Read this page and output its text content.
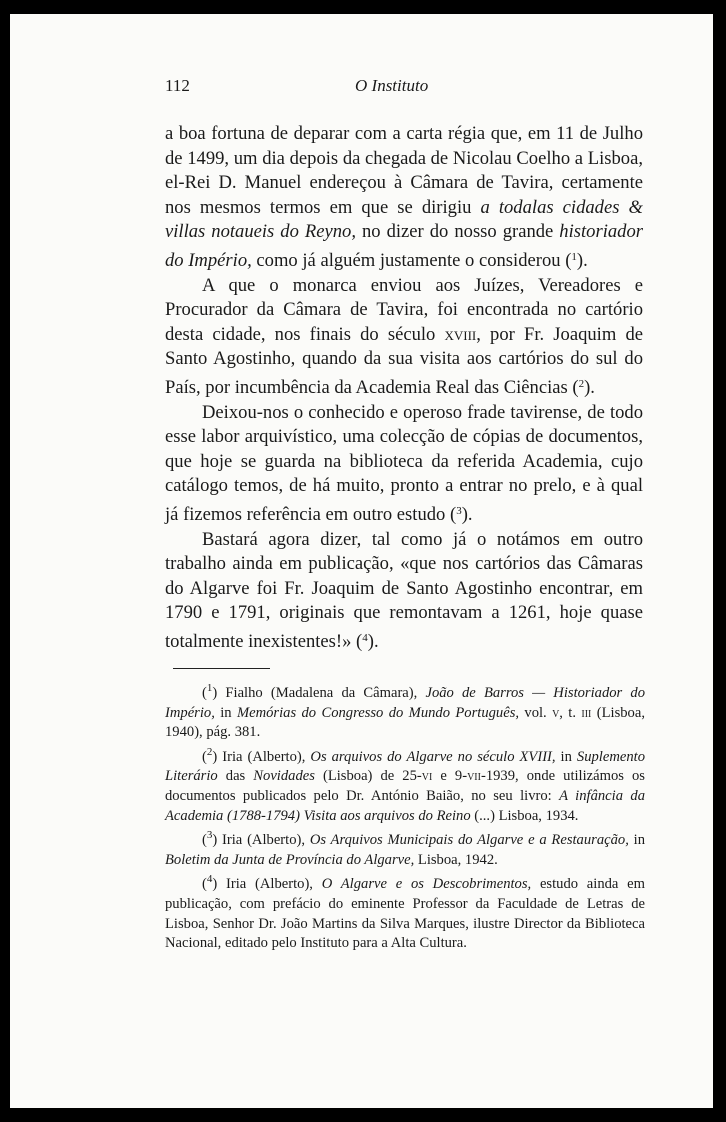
112	O Instituto

a boa fortuna de deparar com a carta régia que, em 11 de Julho de 1499, um dia depois da chegada de Nicolau Coelho a Lisboa, el-Rei D. Manuel endereçou à Câmara de Tavira, certamente nos mesmos termos em que se dirigiu a todalas cidades & villas notaueis do Reyno, no dizer do nosso grande historiador do Império, como já alguém justamente o considerou ($^1$).

A que o monarca enviou aos Juízes, Vereadores e Procurador da Câmara de Tavira, foi encontrada no cartório desta cidade, nos finais do século xviii, por Fr. Joaquim de Santo Agostinho, quando da sua visita aos cartórios do sul do País, por incumbência da Academia Real das Ciências ($^2$).

Deixou-nos o conhecido e operoso frade tavirense, de todo esse labor arquivístico, uma colecção de cópias de documentos, que hoje se guarda na biblioteca da referida Academia, cujo catálogo temos, de há muito, pronto a entrar no prelo, e à qual já fizemos referência em outro estudo ($^3$).

Bastará agora dizer, tal como já o notámos em outro trabalho ainda em publicação, «que nos cartórios das Câmaras do Algarve foi Fr. Joaquim de Santo Agostinho encontrar, em 1790 e 1791, originais que remontavam a 1261, hoje quase totalmente inexistentes!» ($^4$).

($^1$) Fialho (Madalena da Câmara), João de Barros — Historiador do Império, in Memórias do Congresso do Mundo Português, vol. v, t. iii (Lisboa, 1940), pág. 381.

($^2$) Iria (Alberto), Os arquivos do Algarve no século XVIII, in Suplemento Literário das Novidades (Lisboa) de 25-vi e 9-vii-1939, onde utilizámos os documentos publicados pelo Dr. António Baião, no seu livro: A infância da Academia (1788-1794) Visita aos arquivos do Reino (...) Lisboa, 1934.

($^3$) Iria (Alberto), Os Arquivos Municipais do Algarve e a Restauração, in Boletim da Junta de Província do Algarve, Lisboa, 1942.

($^4$) Iria (Alberto), O Algarve e os Descobrimentos, estudo ainda em publicação, com prefácio do eminente Professor da Faculdade de Letras de Lisboa, Senhor Dr. João Martins da Silva Marques, ilustre Director da Biblioteca Nacional, editado pelo Instituto para a Alta Cultura.
